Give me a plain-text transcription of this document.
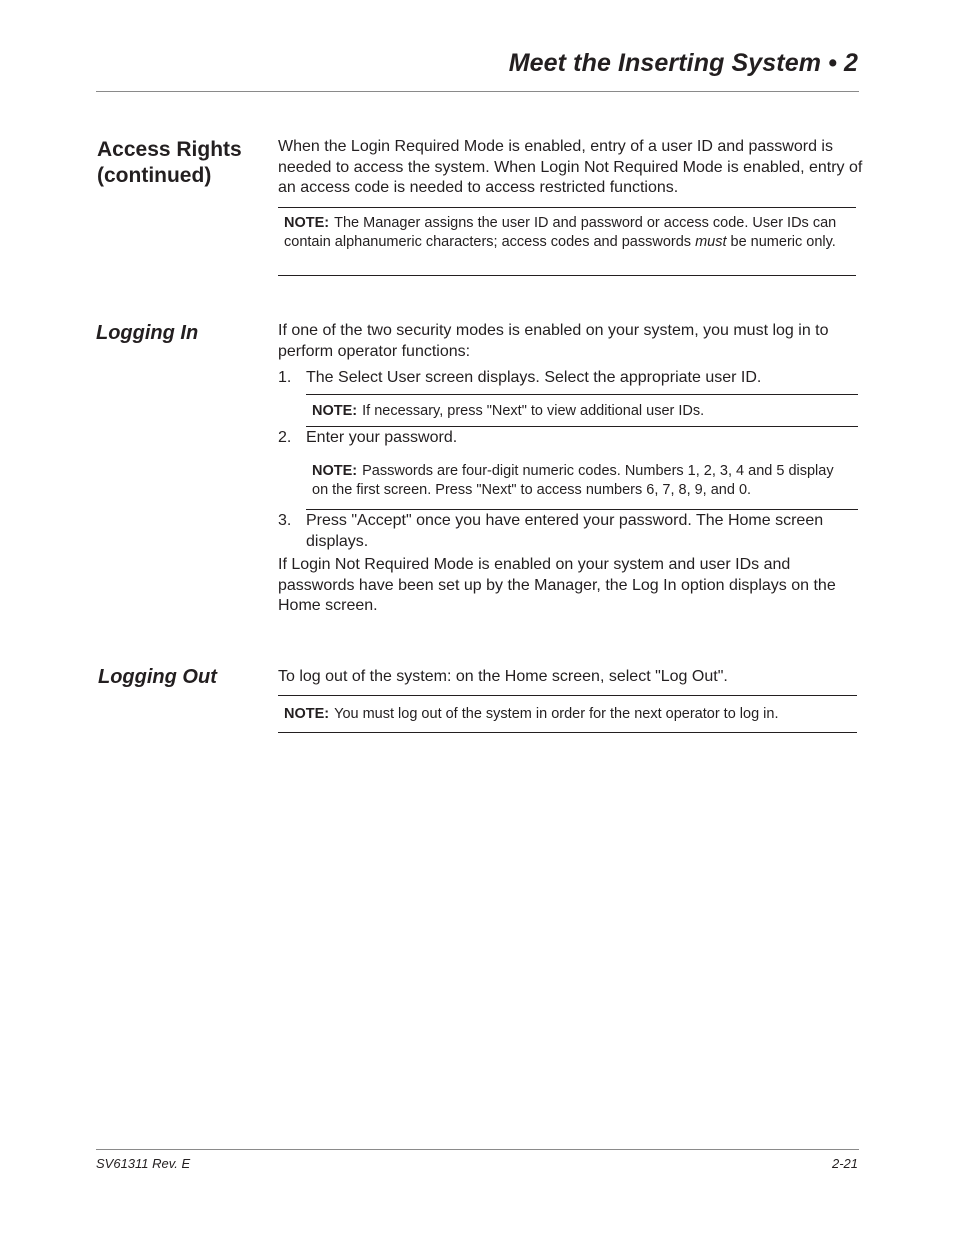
Meet the Inserting System • 2
Access Rights
(continued)

When the Login Required Mode is enabled, entry of a user ID and password is needed to access the system. When Login Not Required Mode is enabled, entry of an access code is needed to access restricted functions.

NOTE: The Manager assigns the user ID and password or access code. User IDs can contain alphanumeric characters; access codes and passwords must be numeric only.
Logging In	If one of the two security modes is enabled on your system, you must log in to perform operator functions:

1. The Select User screen displays. Select the appropriate user ID.
NOTE: If necessary, press "Next" to view additional user IDs.
2. Enter your password.
NOTE: Passwords are four-digit numeric codes. Numbers 1, 2, 3, 4 and 5 display on the first screen. Press "Next" to access numbers 6, 7, 8, 9, and 0.
3. Press "Accept" once you have entered your password. The Home screen displays.

If Login Not Required Mode is enabled on your system and user IDs and passwords have been set up by the Manager, the Log In option displays on the Home screen.

Logging Out	To log out of the system: on the Home screen, select "Log Out".

NOTE: You must log out of the system in order for the next operator to log in.

SV61311 Rev. E	2-21
